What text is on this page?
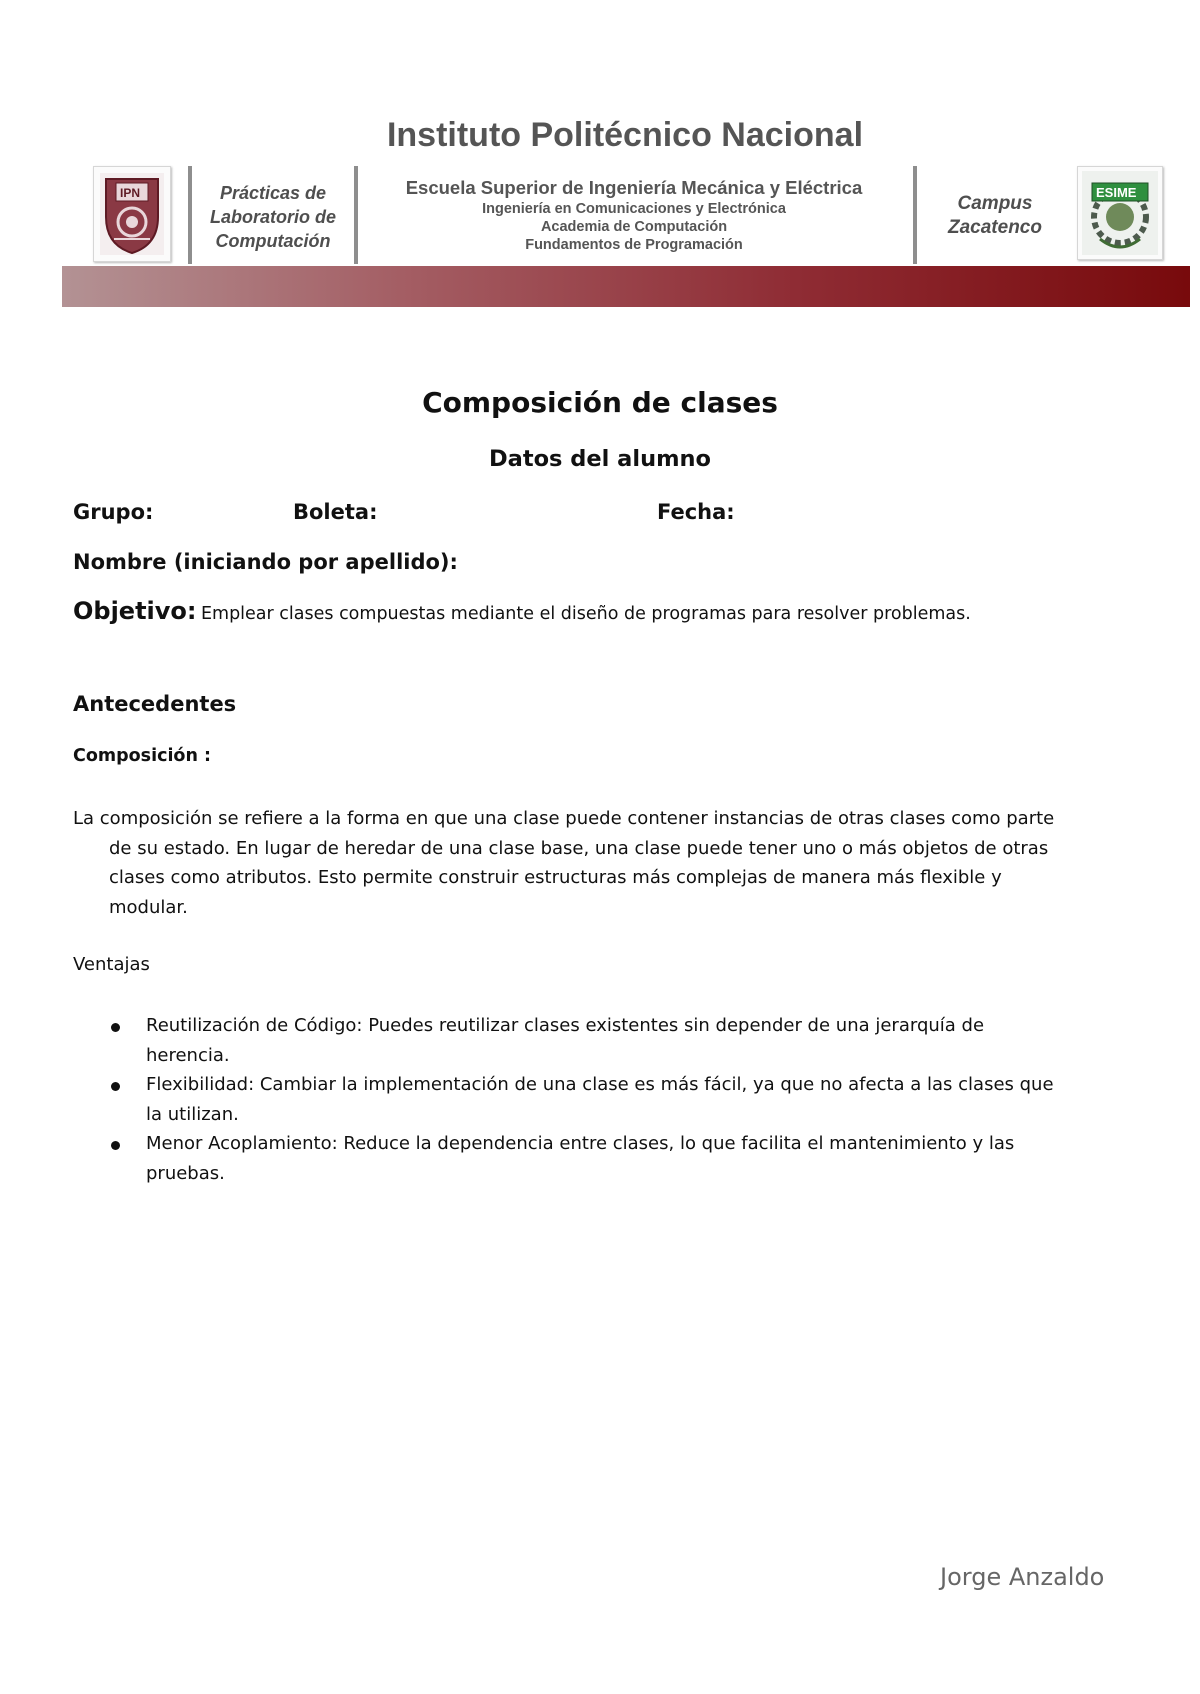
Instituto Politécnico Nacional
IPN	Prácticas de
Laboratorio de
Computación
Escuela Superior de Ingeniería Mecánica y Eléctrica
Ingeniería en Comunicaciones y Electrónica
Academia de Computación
Fundamentos de Programación
Campus
Zacatenco
ESIME
Composición de clases
Datos del alumno
Grupo:	Boleta:	Fecha:
Nombre (iniciando por apellido):
Objetivo: Emplear clases compuestas mediante el diseño de programas para resolver problemas.
Antecedentes
Composición :
La composición se refiere a la forma en que una clase puede contener instancias de otras clases como parte
de su estado. En lugar de heredar de una clase base, una clase puede tener uno o más objetos de otras
clases como atributos. Esto permite construir estructuras más complejas de manera más flexible y
modular.
Ventajas
Reutilización de Código: Puedes reutilizar clases existentes sin depender de una jerarquía de
herencia.
Flexibilidad: Cambiar la implementación de una clase es más fácil, ya que no afecta a las clases que
la utilizan.
Menor Acoplamiento: Reduce la dependencia entre clases, lo que facilita el mantenimiento y las
pruebas.
Jorge Anzaldo
